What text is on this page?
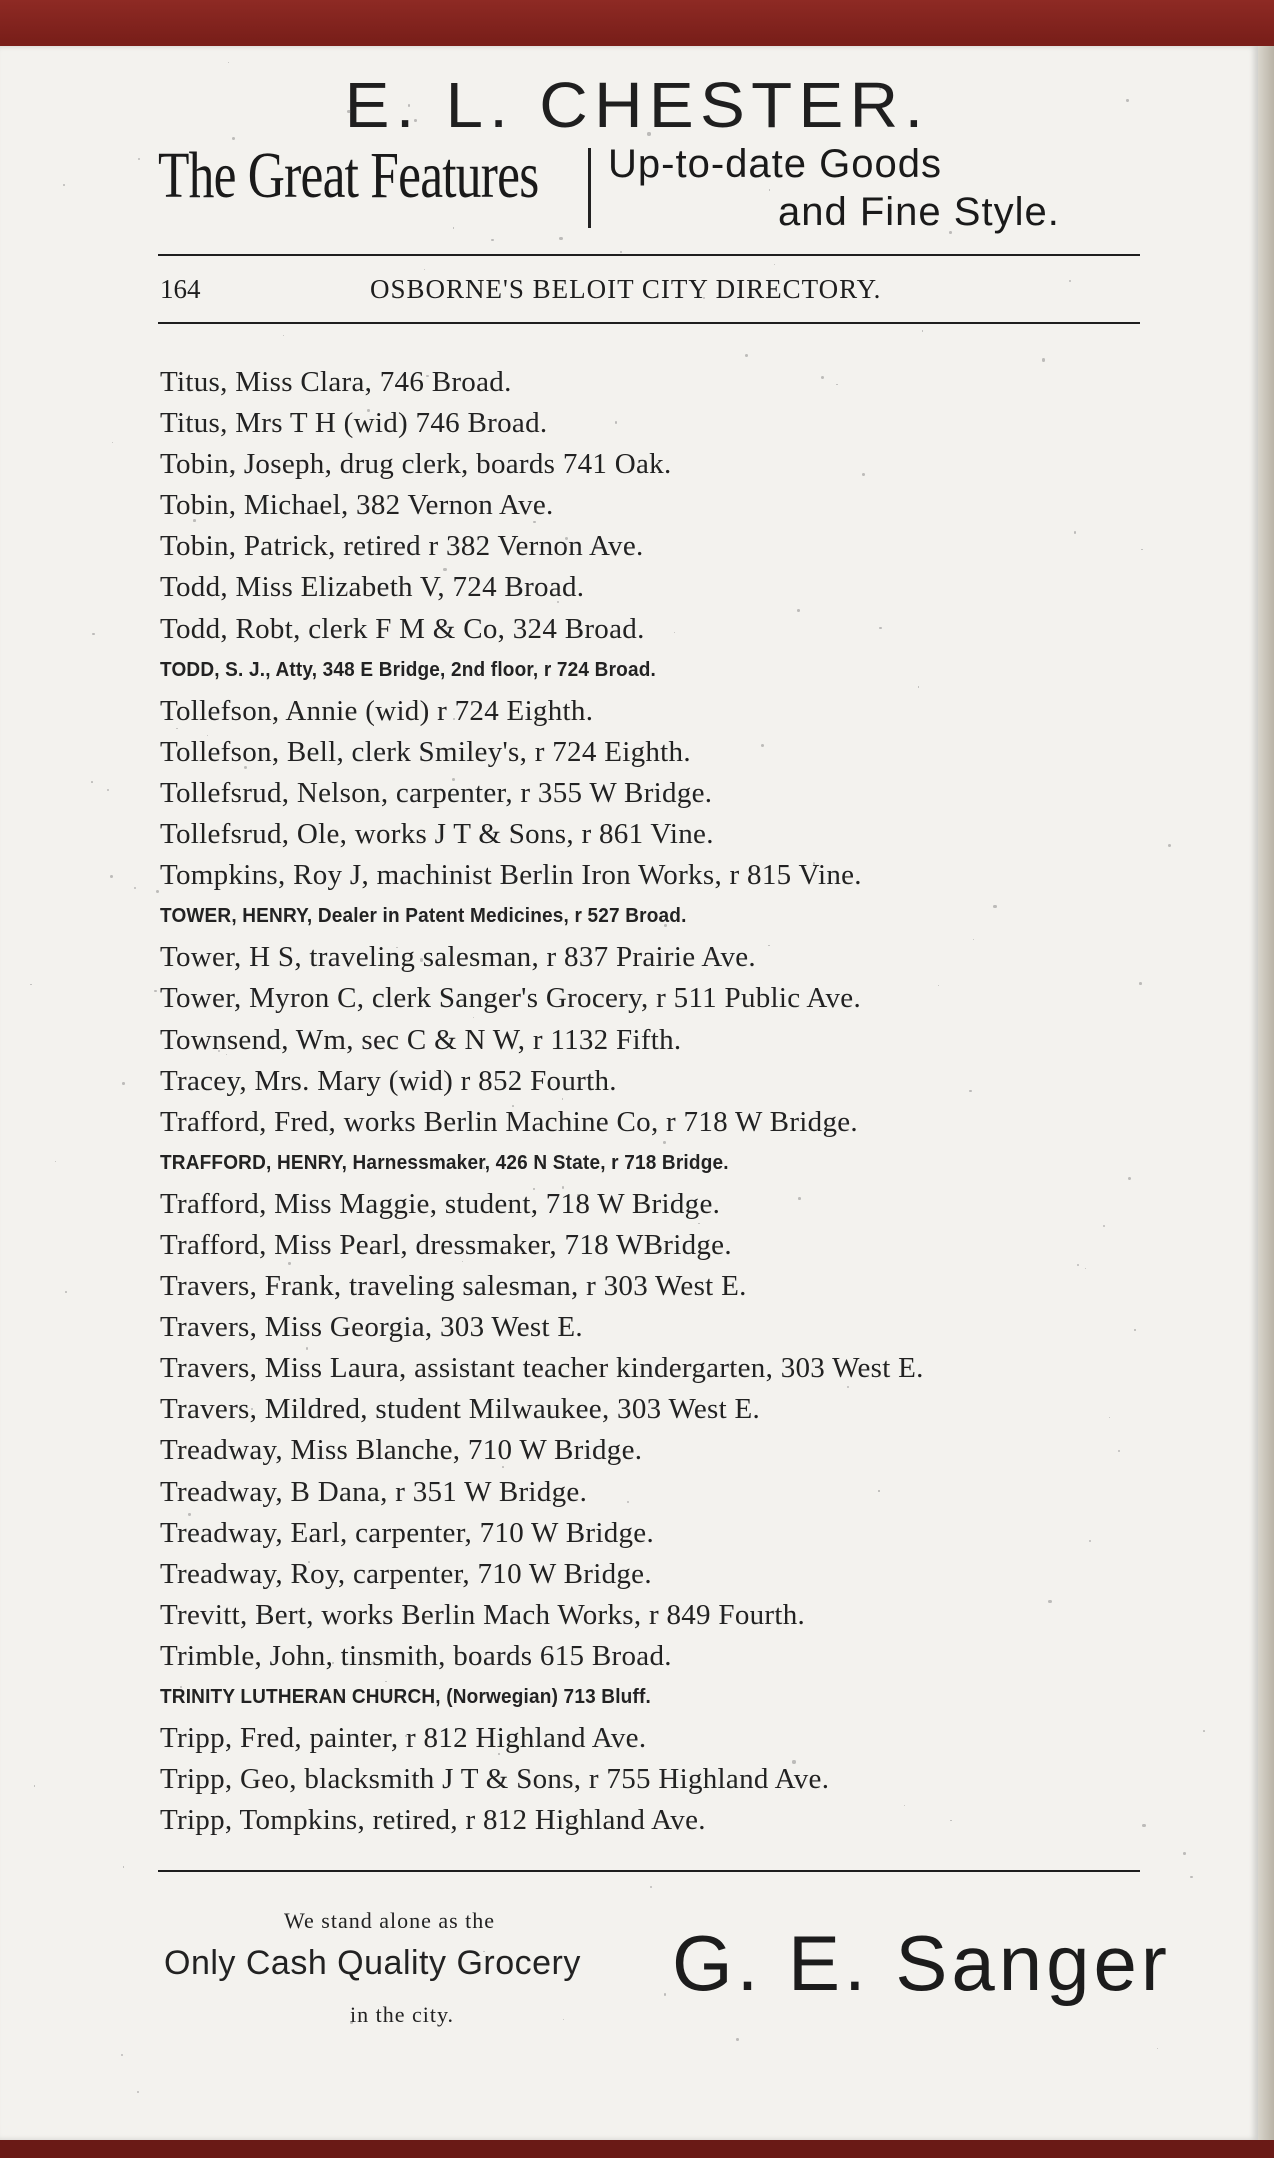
E. L. CHESTER.
The Great Features Up-to-date Goods
and Fine Style.
164	OSBORNE'S BELOIT CITY DIRECTORY.
Titus, Miss Clara, 746 Broad.
Titus, Mrs T H (wid) 746 Broad.
Tobin, Joseph, drug clerk, boards 741 Oak.
Tobin, Michael, 382 Vernon Ave.
Tobin, Patrick, retired r 382 Vernon Ave.
Todd, Miss Elizabeth V, 724 Broad.
Todd, Robt, clerk F M & Co, 324 Broad.
TODD, S. J., Atty, 348 E Bridge, 2nd floor, r 724 Broad.
Tollefson, Annie (wid) r 724 Eighth.
Tollefson, Bell, clerk Smiley's, r 724 Eighth.
Tollefsrud, Nelson, carpenter, r 355 W Bridge.
Tollefsrud, Ole, works J T & Sons, r 861 Vine.
Tompkins, Roy J, machinist Berlin Iron Works, r 815 Vine.
TOWER, HENRY, Dealer in Patent Medicines, r 527 Broad.
Tower, H S, traveling salesman, r 837 Prairie Ave.
Tower, Myron C, clerk Sanger's Grocery, r 511 Public Ave.
Townsend, Wm, sec C & N W, r 1132 Fifth.
Tracey, Mrs. Mary (wid) r 852 Fourth.
Trafford, Fred, works Berlin Machine Co, r 718 W Bridge.
TRAFFORD, HENRY, Harnessmaker, 426 N State, r 718 Bridge.
Trafford, Miss Maggie, student, 718 W Bridge.
Trafford, Miss Pearl, dressmaker, 718 WBridge.
Travers, Frank, traveling salesman, r 303 West E.
Travers, Miss Georgia, 303 West E.
Travers, Miss Laura, assistant teacher kindergarten, 303 West E.
Travers, Mildred, student Milwaukee, 303 West E.
Treadway, Miss Blanche, 710 W Bridge.
Treadway, B Dana, r 351 W Bridge.
Treadway, Earl, carpenter, 710 W Bridge.
Treadway, Roy, carpenter, 710 W Bridge.
Trevitt, Bert, works Berlin Mach Works, r 849 Fourth.
Trimble, John, tinsmith, boards 615 Broad.
TRINITY LUTHERAN CHURCH, (Norwegian) 713 Bluff.
Tripp, Fred, painter, r 812 Highland Ave.
Tripp, Geo, blacksmith J T & Sons, r 755 Highland Ave.
Tripp, Tompkins, retired, r 812 Highland Ave.
We stand alone as the
Only Cash Quality Grocery
in the city.
G. E. Sanger
